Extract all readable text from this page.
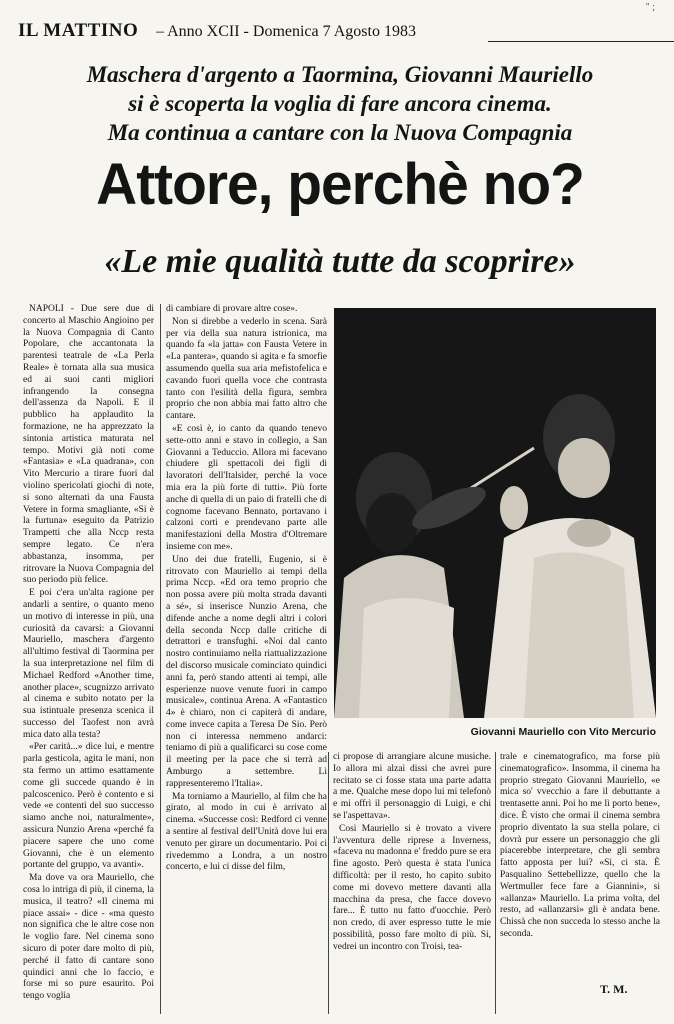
'' ;
IL MATTINO – Anno XCII - Domenica 7 Agosto 1983
Maschera d'argento a Taormina, Giovanni Mauriello
si è scoperta la voglia di fare ancora cinema.
Ma continua a cantare con la Nuova Compagnia
Attore, perchè no?
«Le mie qualità tutte da scoprire»

NAPOLI - Due sere due di concerto al Maschio Angioino per la Nuova Compagnia di Canto Popolare, che accantonata la parentesi teatrale de «La Perla Reale» è tornata alla sua musica ed ai suoi canti migliori infrangendo la consegna dell'assenza da Napoli. E il pubblico ha applaudito la formazione, ne ha apprezzato la sintonia artistica maturata nel tempo. Motivi già noti come «Fantasia» e «La quadrana», con Vito Mercurio a tirare fuori dal violino spericolati giochi di note, si sono alternati da una Fausta Vetere in forma smagliante, «Si è la furtuna» eseguito da Patrizio Trampetti che alla Nccp resta sempre legato. Ce n'era abbastanza, insomma, per ritrovare la Nuova Compagnia del suo periodo più felice.

E poi c'era un'alta ragione per andarli a sentire, o quanto meno un motivo di interesse in più, una curiosità da cavarsi: a Giovanni Mauriello, maschera d'argento all'ultimo festival di Taormina per la sua interpretazione nel film di Michael Redford «Another time, another place», scugnizzo arrivato al cinema e subito notato per la sua istintuale presenza scenica il successo del Taofest non avrà mica dato alla testa?

«Per carità...» dice lui, e mentre parla gesticola, agita le mani, non sta fermo un attimo esattamente come gli succede quando è in palcoscenico. Però è contento e si vede «e contenti del suo successo siamo anche noi, naturalmente», assicura Nunzio Arena «perché fa piacere sapere che uno come Giovanni, che è un elemento portante del gruppo, va avanti».

Ma dove va ora Mauriello, che cosa lo intriga di più, il cinema, la musica, il teatro? «Il cinema mi piace assai» - dice - «ma questo non significa che le altre cose non le voglio fare. Nel cinema sono sicuro di poter dare molto di più, perché il fatto di cantare sono quindici anni che lo faccio, e forse mi so pure esaurito. Poi tengo voglia

di cambiare di provare altre cose».

Non si direbbe a vederlo in scena. Sarà per via della sua natura istrionica, ma quando fa «la jatta» con Fausta Vetere in «La pantera», quando si agita e fa smorfie assumendo quella sua aria mefistofelica e cavando fuori quella voce che contrasta tanto con l'esilità della figura, sembra proprio che non abbia mai fatto altro che cantare.

«E così è, io canto da quando tenevo sette-otto anni e stavo in collegio, a San Giovanni a Teduccio. Allora mi facevano chiudere gli spettacoli dei figli di lavoratori dell'Italsider, perché la voce mia era la più forte di tutti». Più forte anche di quella di un paio di fratelli che di cognome facevano Bennato, portavano i calzoni corti e prendevano parte alle manifestazioni della Mostra d'Oltremare insieme con me».

Uno dei due fratelli, Eugenio, si è ritrovato con Mauriello ai tempi della prima Nccp. «Ed ora temo proprio che non possa avere più molta strada davanti a sé», si inserisce Nunzio Arena, che difende anche a nome degli altri i colori della seconda Nccp dalle critiche di detrattori e transfughi. «Noi dal canto nostro continuiamo nella riattualizzazione del discorso musicale cominciato quindici anni fa, però stando attenti ai tempi, alle esperienze nuove venute fuori in campo musicale», continua Arena. A «Fantastico 4» è chiaro, non ci capiterà di andare, come invece capita a Teresa De Sio. Però non ci interessa nemmeno andarci: teniamo di più a qualificarci su cose come il meeting per la pace che si terrà ad Amburgo a settembre. Lì rappresenteremo l'Italia».

Ma torniamo a Mauriello, al film che ha girato, al modo in cui è arrivato al cinema. «Successe così: Redford ci venne a sentire al festival dell'Unità dove lui era venuto per girare un documentario. Poi ci rivedemmo a Londra, a un nostro concerto, e lui ci disse del film,

Giovanni Mauriello con Vito Mercurio

ci propose di arrangiare alcune musiche. Io allora mi alzai dissi che avrei pure recitato se ci fosse stata una parte adatta a me. Qualche mese dopo lui mi telefonò e mi offrì il personaggio di Luigi, e chi se l'aspettava».

Così Mauriello si è trovato a vivere l'avventura delle riprese a Inverness, «faceva nu madonna e' freddo pure se era fine agosto. Però questa è stata l'unica difficoltà: per il resto, ho capito subito come mi dovevo mettere davanti alla macchina da presa, che facce dovevo fare... È tutto nu fatto d'uocchie. Però non credo, di aver espresso tutte le mie possibilità, posso fare molto di più. Si, vedrei un incontro con Troisi, tea-

trale e cinematografico, ma forse più cinematografico». Insomma, il cinema ha proprio stregato Giovanni Mauriello, «e mica so' vvecchio a fare il debuttante a trentasette anni. Poi ho me lì porto bene», dice. È visto che ormai il cinema sembra proprio diventato la sua stella polare, ci dovrà pur essere un personaggio che gli piacerebbe interpretare, che gli sembra fatto apposta per lui? «Sì, ci sta. È Pasqualino Settebellizze, quello che la Wertmuller fece fare a Giannini», si «allanza» Mauriello. La prima volta, del resto, ad «allanzarsi» gli è andata bene. Chissà che non succeda lo stesso anche la seconda.

T. M.
